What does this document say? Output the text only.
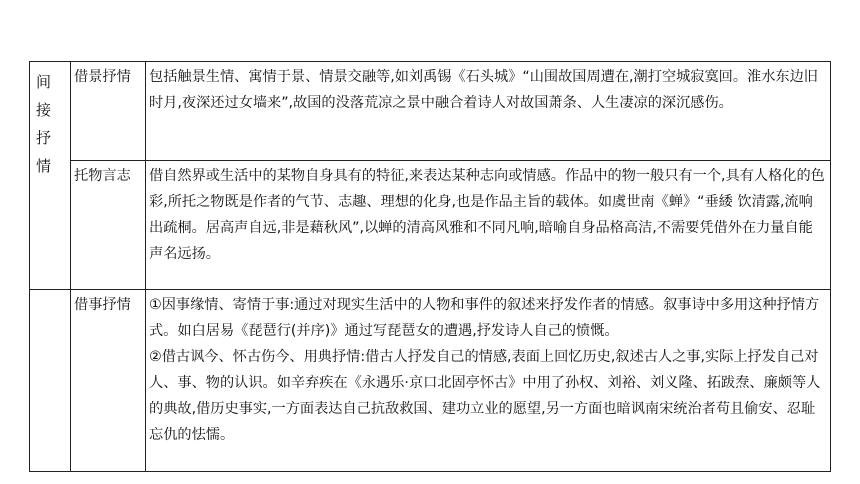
间
接
抒
情	借景抒情	包括触景生情、寓情于景、情景交融等,如刘禹锡《石头城》“山围故国周遭在,潮打空城寂寞回。淮水东边旧时月,夜深还过女墙来”,故国的没落荒凉之景中融合着诗人对故国萧条、人生凄凉的深沉感伤。

	托物言志	借自然界或生活中的某物自身具有的特征,来表达某种志向或情感。作品中的物一般只有一个,具有人格化的色彩,所托之物既是作者的气节、志趣、理想的化身,也是作品主旨的载体。如虞世南《蝉》“垂緌 饮清露,流响出疏桐。居高声自远,非是藉秋风”,以蝉的清高风雅和不同凡响,暗喻自身品格高洁,不需要凭借外在力量自能声名远扬。

	借事抒情	①因事缘情、寄情于事:通过对现实生活中的人物和事件的叙述来抒发作者的情感。叙事诗中多用这种抒情方式。如白居易《琵琶行(并序)》通过写琵琶女的遭遇,抒发诗人自己的愤慨。
②借古讽今、怀古伤今、用典抒情:借古人抒发自己的情感,表面上回忆历史,叙述古人之事,实际上抒发自己对人、事、物的认识。如辛弃疾在《永遇乐·京口北固亭怀古》中用了孙权、刘裕、刘义隆、拓跋焘、廉颇等人的典故,借历史事实,一方面表达自己抗敌救国、建功立业的愿望,另一方面也暗讽南宋统治者苟且偷安、忍耻忘仇的怯懦。
